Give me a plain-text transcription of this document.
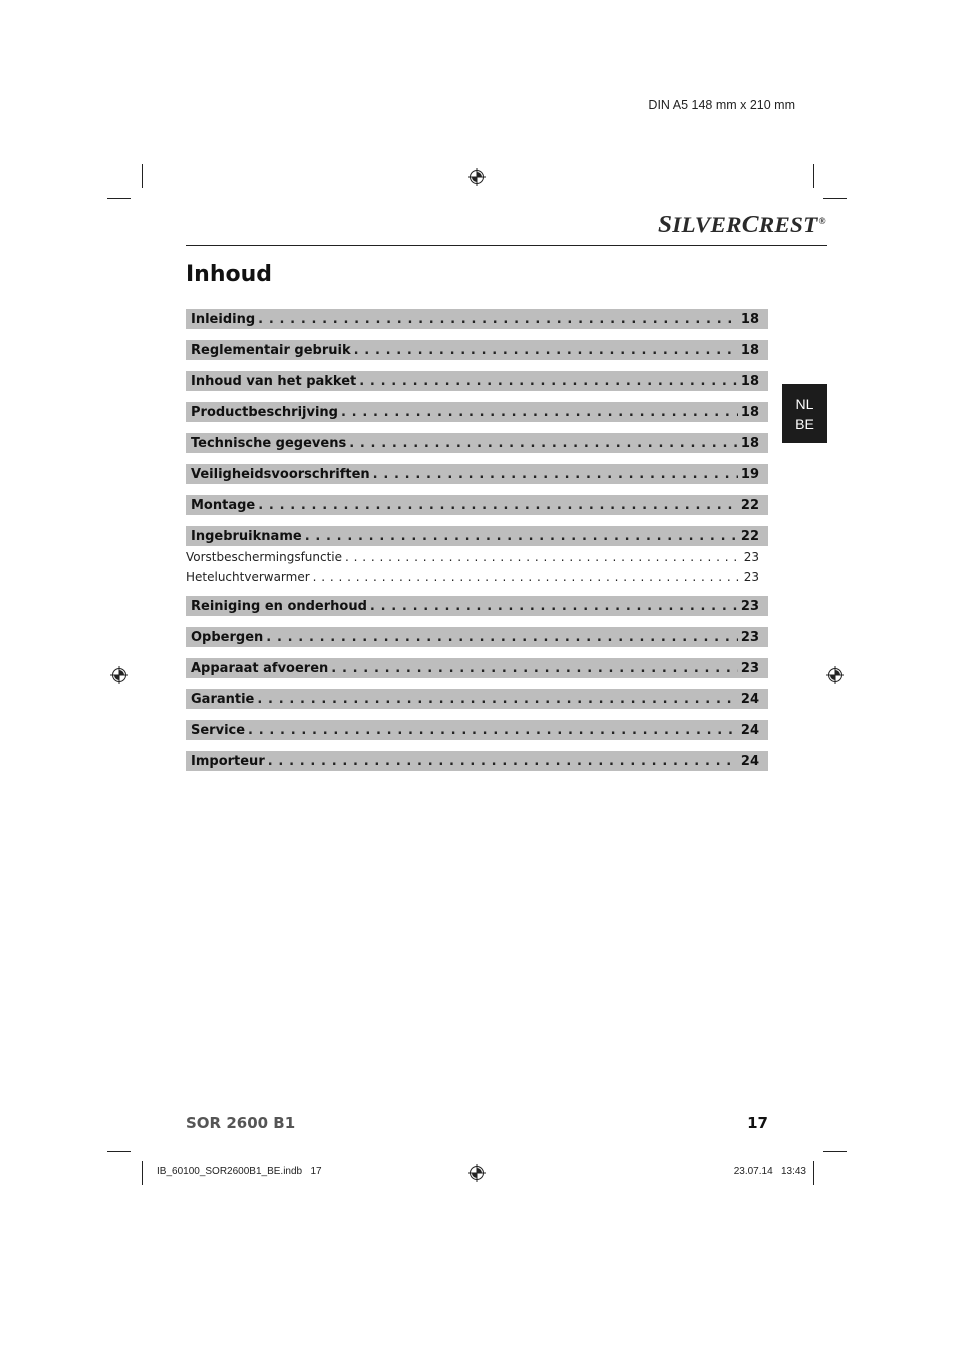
DIN A5 148 mm x 210 mm
SILVERCREST®
Inhoud
NL
BE
Inleiding . . .	18
Reglementair gebruik . . .	18
Inhoud van het pakket . . .	18
Productbeschrijving . . .	18
Technische gegevens . . .	18
Veiligheidsvoorschriften . . .	19
Montage . . .	22
Ingebruikname . . .	22
Vorstbeschermingsfunctie . . .	23
Heteluchtverwarmer . . .	23
Reiniging en onderhoud . . .	23
Opbergen . . .	23
Apparaat afvoeren . . .	23
Garantie . . .	24
Service . . .	24
Importeur . . .	24
SOR 2600 B1	17
IB_60100_SOR2600B1_BE.indb   17	23.07.14   13:43
